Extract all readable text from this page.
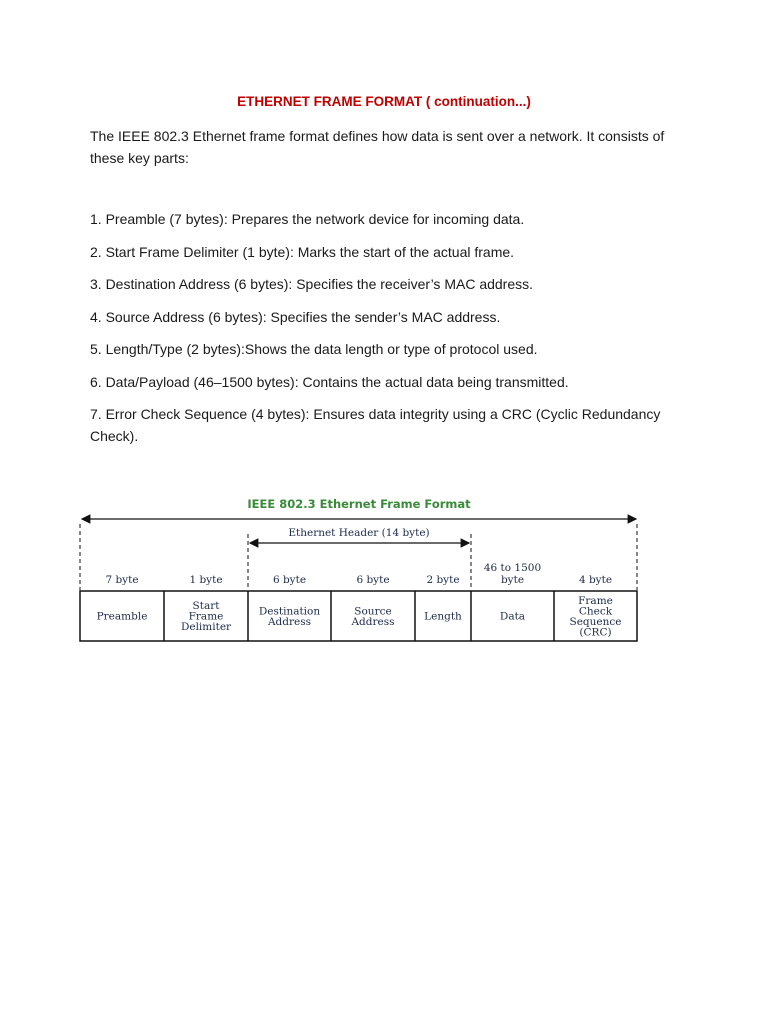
ETHERNET FRAME FORMAT ( continuation...)
The IEEE 802.3 Ethernet frame format defines how data is sent over a network. It consists of these key parts:

1. Preamble (7 bytes): Prepares the network device for incoming data.

2. Start Frame Delimiter (1 byte): Marks the start of the actual frame.

3. Destination Address (6 bytes): Specifies the receiver’s MAC address.

4. Source Address (6 bytes): Specifies the sender’s MAC address.

5. Length/Type (2 bytes):Shows the data length or type of protocol used.

6. Data/Payload (46–1500 bytes): Contains the actual data being transmitted.

7. Error Check Sequence (4 bytes): Ensures data integrity using a CRC (Cyclic Redundancy Check).

IEEE 802.3 Ethernet Frame Format
Ethernet Header (14 byte)
7 byte
Preamble
1 byte
Start
Frame
Delimiter
6 byte
Destination
Address
6 byte
Source
Address
2 byte
Length
46 to 1500
byte
Data
4 byte
Frame
Check
Sequence
(CRC)
